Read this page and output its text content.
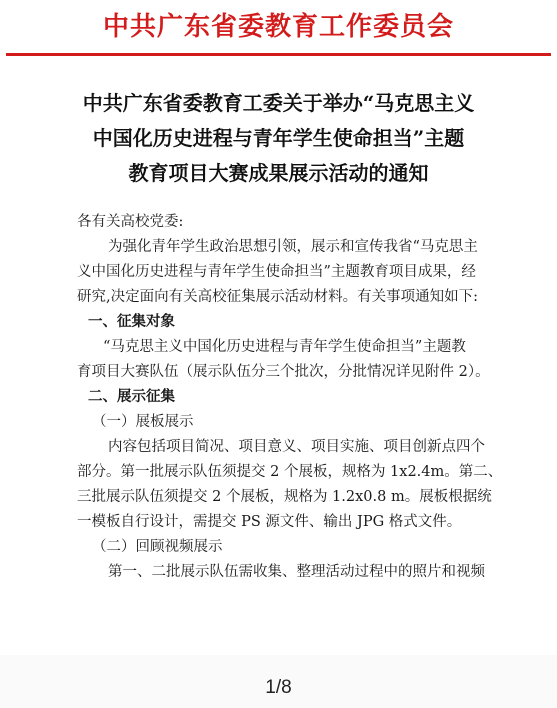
中共广东省委教育工作委员会
中共广东省委教育工委关于举办“马克思主义
中国化历史进程与青年学生使命担当”主题
教育项目大赛成果展示活动的通知
各有关高校党委:
为强化青年学生政治思想引领，展示和宣传我省“马克思主
义中国化历史进程与青年学生使命担当”主题教育项目成果，经
研究,决定面向有关高校征集展示活动材料。有关事项通知如下:
一、征集对象
“马克思主义中国化历史进程与青年学生使命担当”主题教
育项目大赛队伍（展示队伍分三个批次，分批情况详见附件 2）。
二、展示征集
（一）展板展示
内容包括项目简况、项目意义、项目实施、项目创新点四个
部分。第一批展示队伍须提交 2 个展板，规格为 1x2.4m。第二、
三批展示队伍须提交 2 个展板，规格为 1.2x0.8 m。展板根据统
一模板自行设计，需提交 PS 源文件、输出 JPG 格式文件。
（二）回顾视频展示
第一、二批展示队伍需收集、整理活动过程中的照片和视频
1/8
